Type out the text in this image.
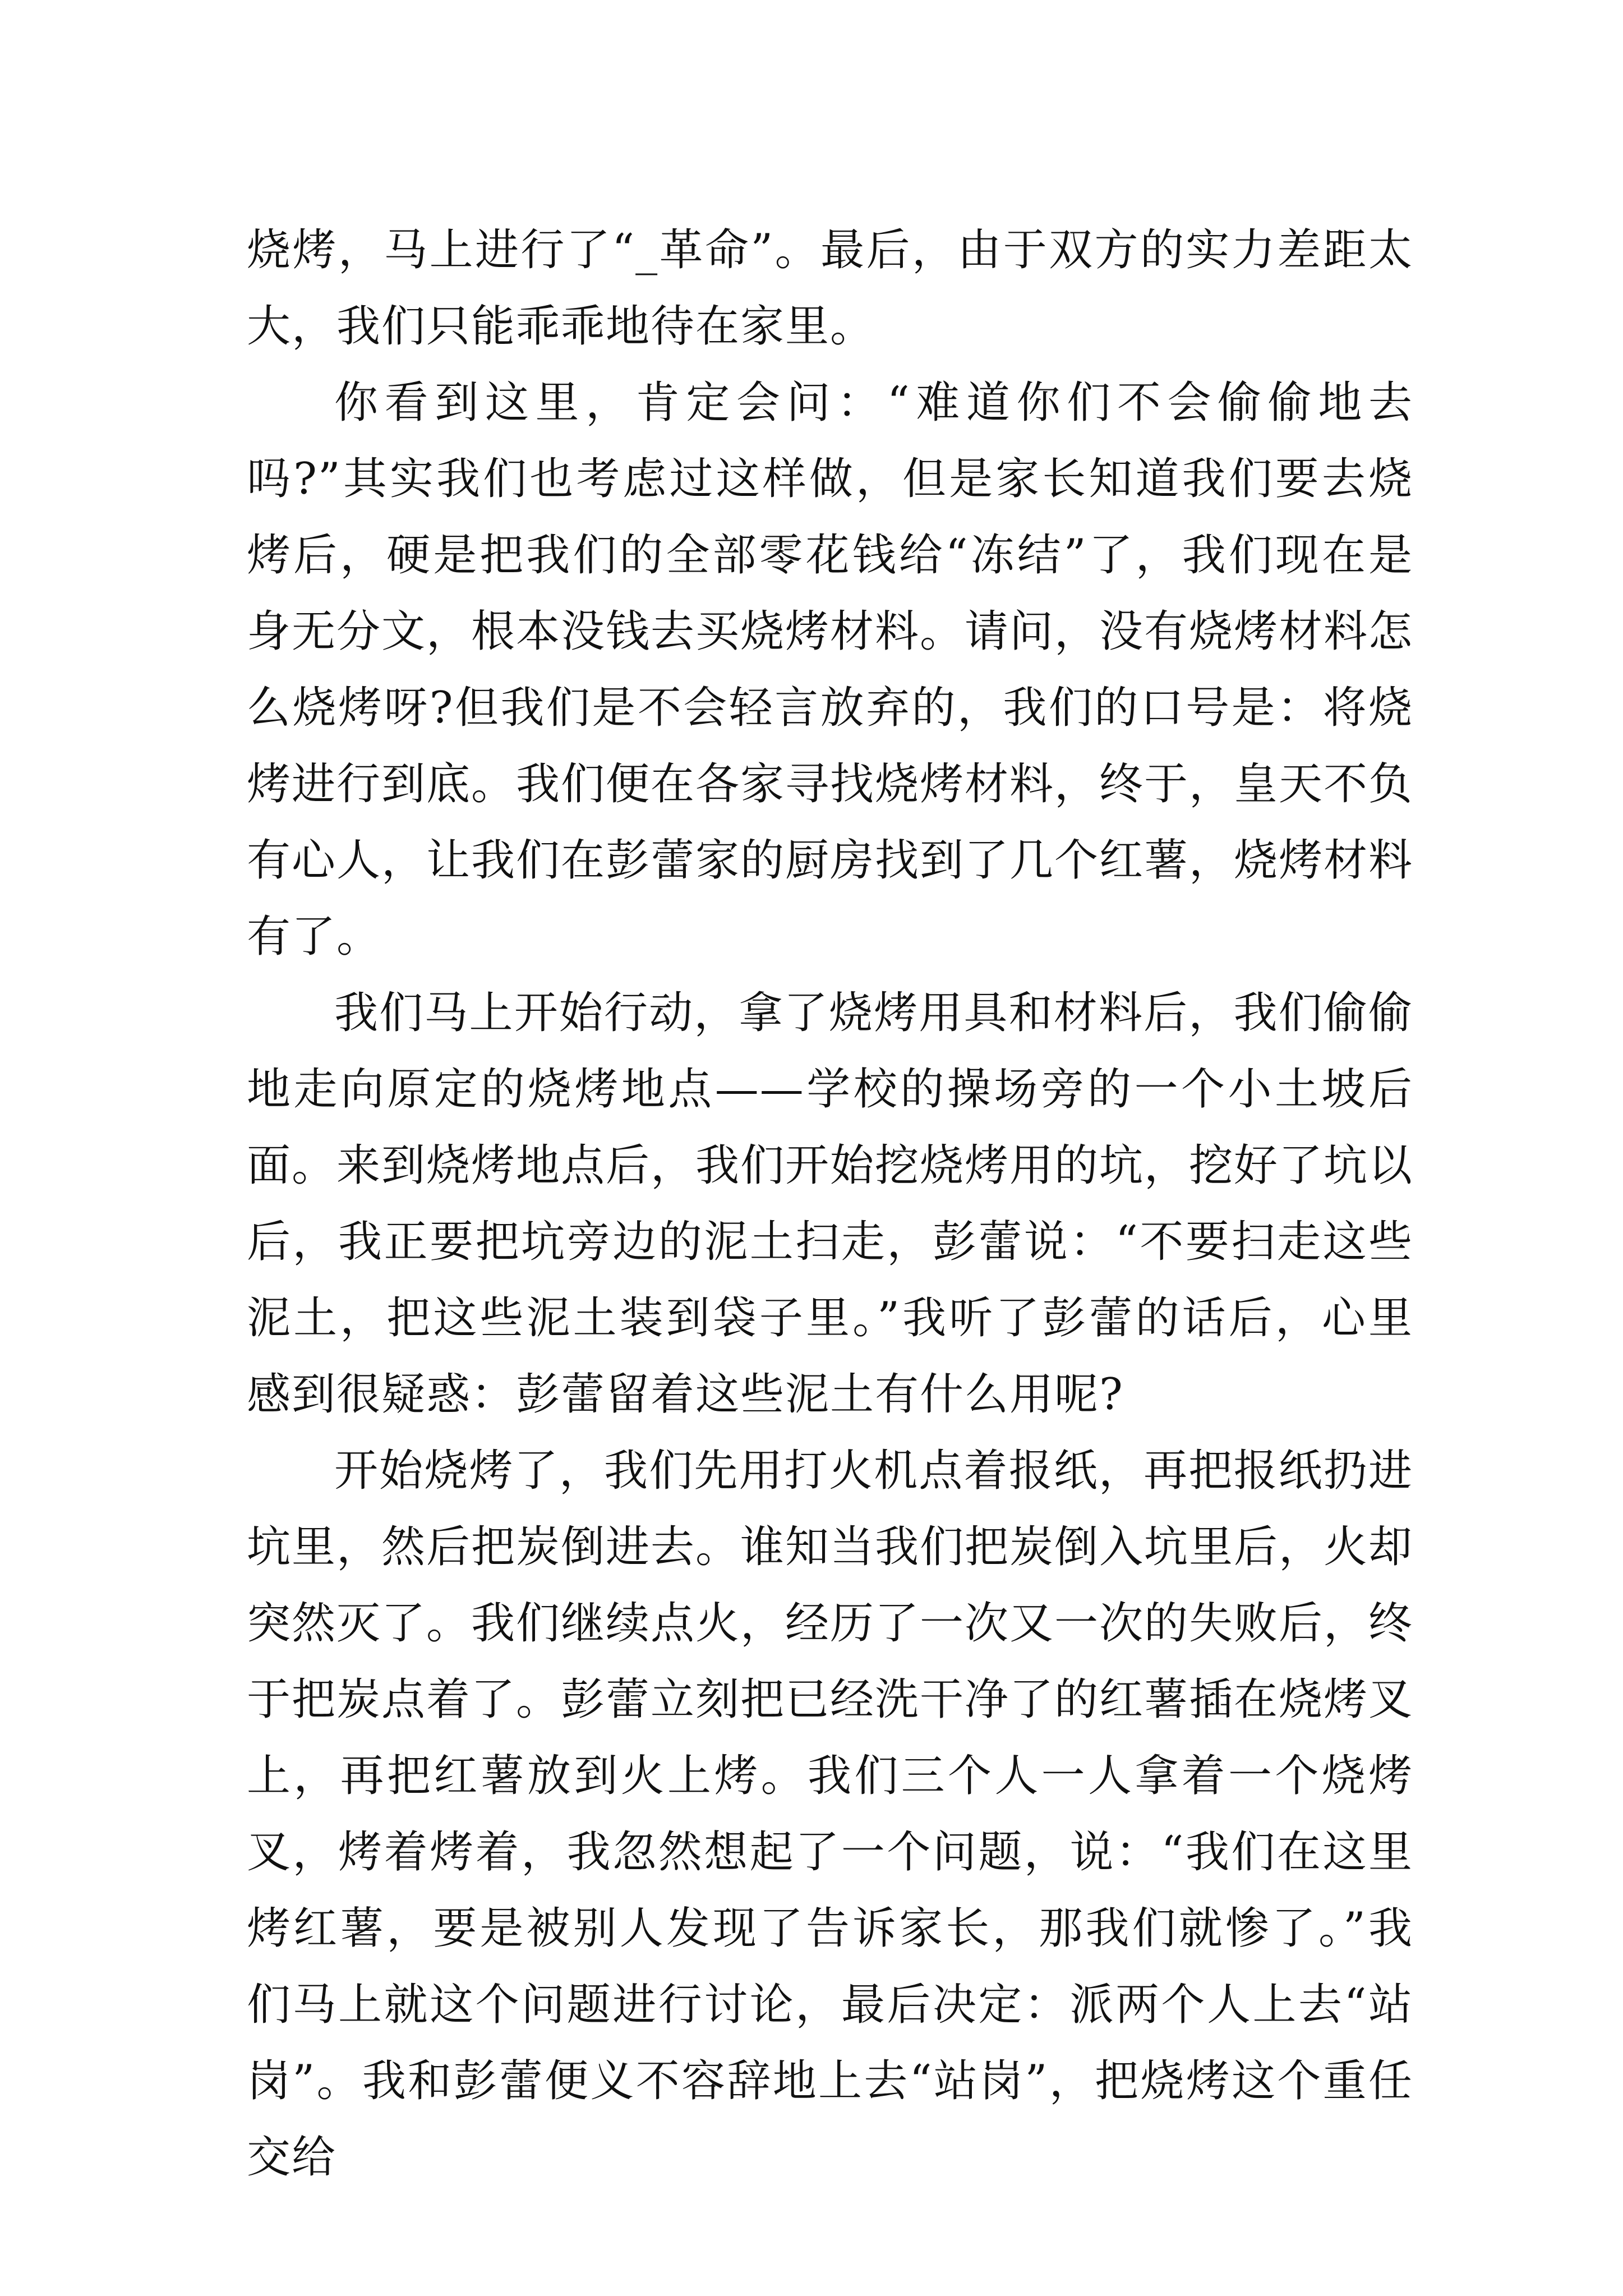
烧烤，马上进行了“_革命”。最后，由于双方的实力差距太大，我们只能乖乖地待在家里。

你看到这里，肯定会问：“难道你们不会偷偷地去吗?”其实我们也考虑过这样做，但是家长知道我们要去烧烤后，硬是把我们的全部零花钱给“冻结”了，我们现在是身无分文，根本没钱去买烧烤材料。请问，没有烧烤材料怎么烧烤呀?但我们是不会轻言放弃的，我们的口号是：将烧烤进行到底。我们便在各家寻找烧烤材料，终于，皇天不负有心人，让我们在彭蕾家的厨房找到了几个红薯，烧烤材料有了。

我们马上开始行动，拿了烧烤用具和材料后，我们偷偷地走向原定的烧烤地点——学校的操场旁的一个小土坡后面。来到烧烤地点后，我们开始挖烧烤用的坑，挖好了坑以后，我正要把坑旁边的泥土扫走，彭蕾说：“不要扫走这些泥土，把这些泥土装到袋子里。”我听了彭蕾的话后，心里感到很疑惑：彭蕾留着这些泥土有什么用呢?

开始烧烤了，我们先用打火机点着报纸，再把报纸扔进坑里，然后把炭倒进去。谁知当我们把炭倒入坑里后，火却突然灭了。我们继续点火，经历了一次又一次的失败后，终于把炭点着了。彭蕾立刻把已经洗干净了的红薯插在烧烤叉上，再把红薯放到火上烤。我们三个人一人拿着一个烧烤叉，烤着烤着，我忽然想起了一个问题，说：“我们在这里烤红薯，要是被别人发现了告诉家长，那我们就惨了。”我们马上就这个问题进行讨论，最后决定：派两个人上去“站岗”。我和彭蕾便义不容辞地上去“站岗”，把烧烤这个重任交给
